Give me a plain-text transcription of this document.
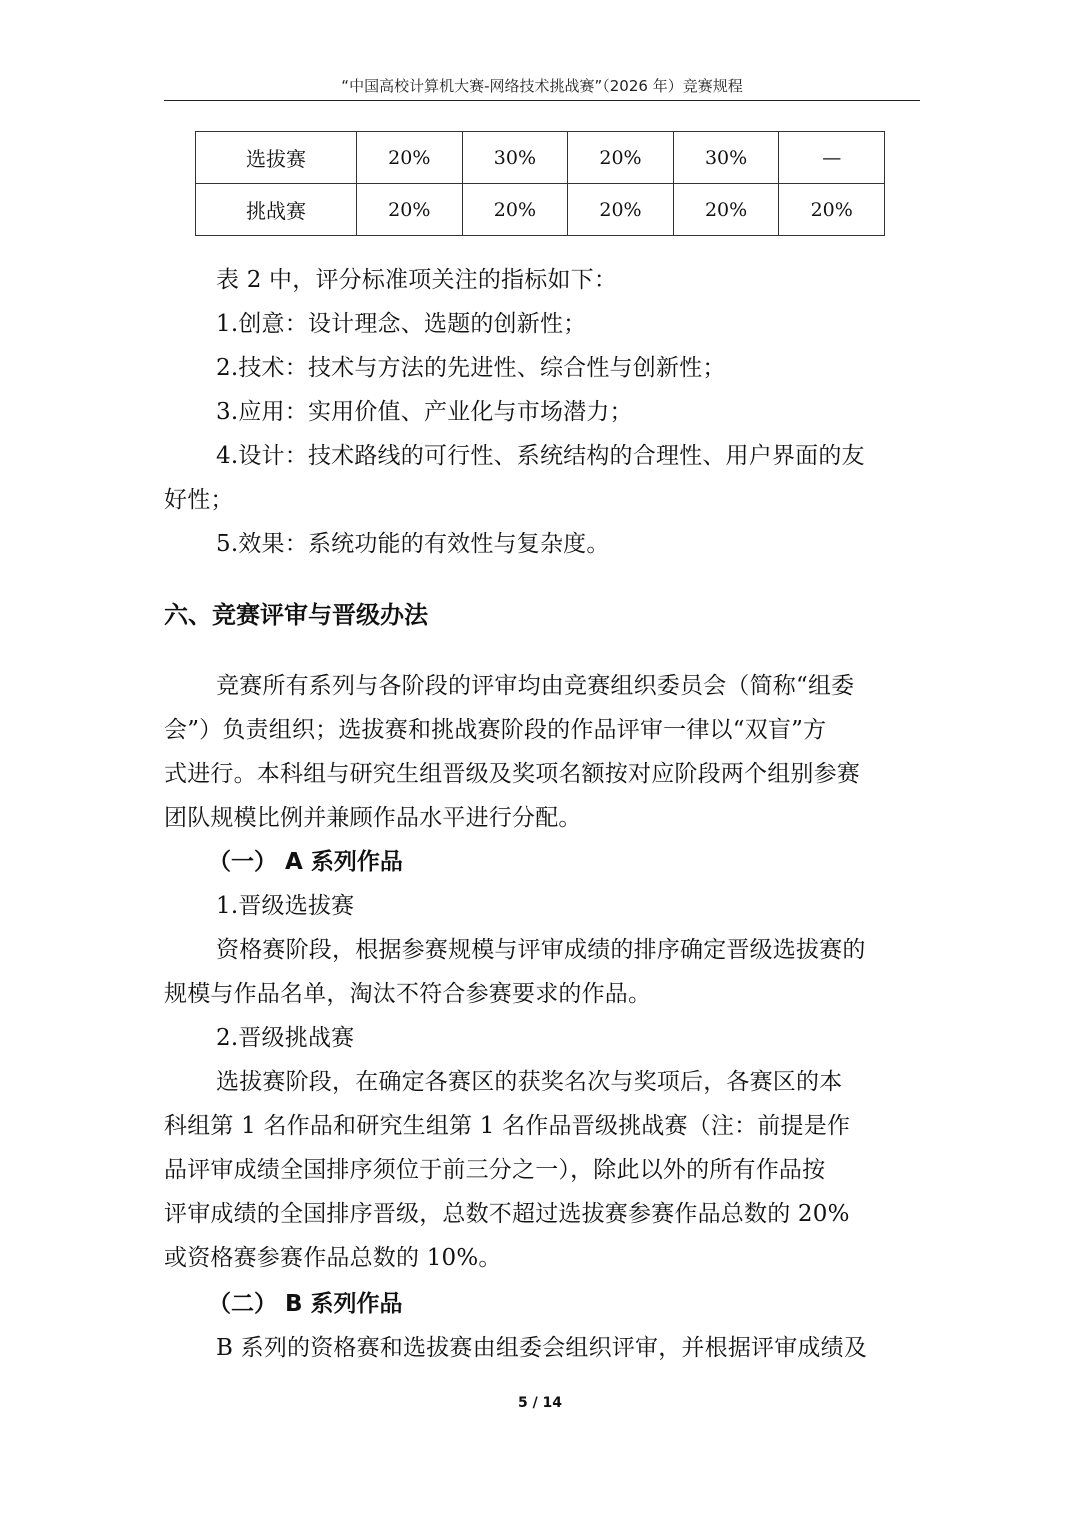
“中国高校计算机大赛-网络技术挑战赛”（2026 年）竞赛规程
选拔赛	20%	30%	20%	30%	—
挑战赛	20%	20%	20%	20%	20%
表 2 中，评分标准项关注的指标如下：
1.创意：设计理念、选题的创新性；
2.技术：技术与方法的先进性、综合性与创新性；
3.应用：实用价值、产业化与市场潜力；
4.设计：技术路线的可行性、系统结构的合理性、用户界面的友
好性；
5.效果：系统功能的有效性与复杂度。
六、竞赛评审与晋级办法
竞赛所有系列与各阶段的评审均由竞赛组织委员会（简称“组委
会”）负责组织；选拔赛和挑战赛阶段的作品评审一律以“双盲”方
式进行。本科组与研究生组晋级及奖项名额按对应阶段两个组别参赛
团队规模比例并兼顾作品水平进行分配。
（一） A 系列作品
1.晋级选拔赛
资格赛阶段，根据参赛规模与评审成绩的排序确定晋级选拔赛的
规模与作品名单，淘汰不符合参赛要求的作品。
2.晋级挑战赛
选拔赛阶段，在确定各赛区的获奖名次与奖项后，各赛区的本
科组第 1 名作品和研究生组第 1 名作品晋级挑战赛（注：前提是作
品评审成绩全国排序须位于前三分之一），除此以外的所有作品按
评审成绩的全国排序晋级，总数不超过选拔赛参赛作品总数的 20%
或资格赛参赛作品总数的 10%。
（二） B 系列作品
B 系列的资格赛和选拔赛由组委会组织评审，并根据评审成绩及
5 / 14
